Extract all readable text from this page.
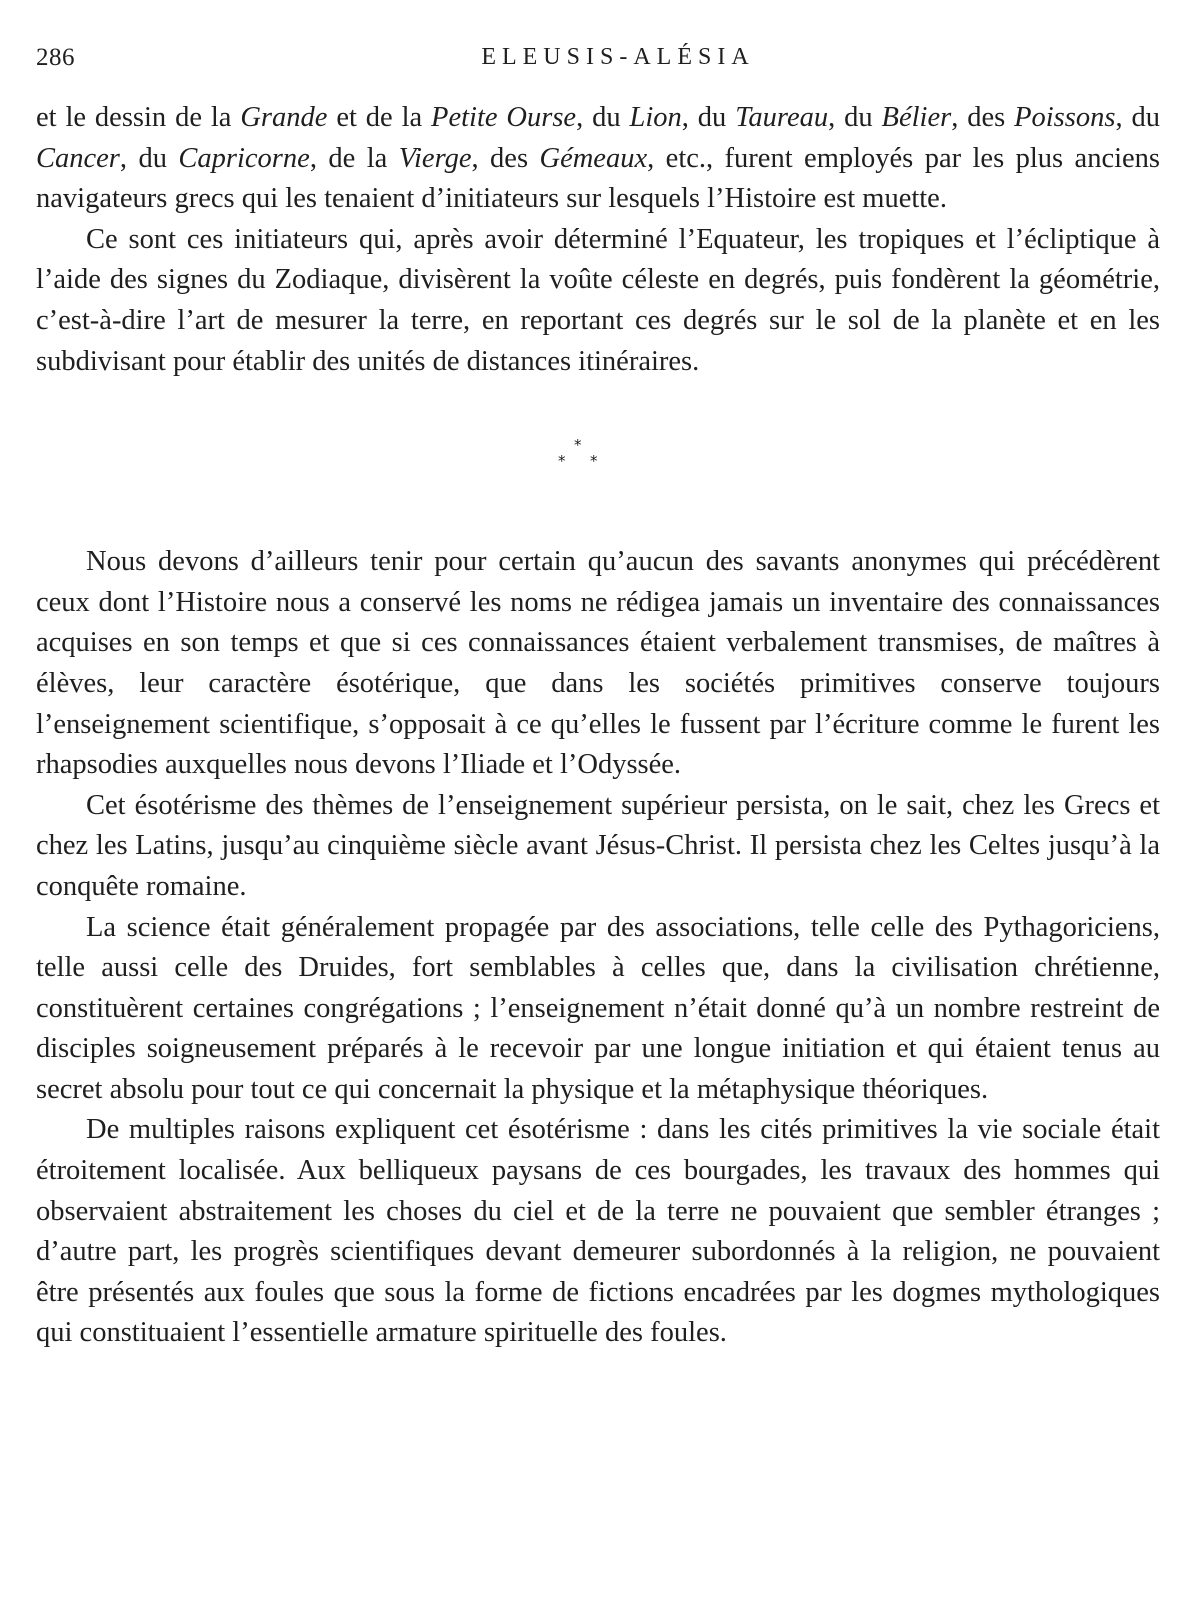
286	ELEUSIS-ALÉSIA

et le dessin de la Grande et de la Petite Ourse, du Lion, du Taureau, du Bélier, des Poissons, du Cancer, du Capricorne, de la Vierge, des Gémeaux, etc., furent employés par les plus anciens navigateurs grecs qui les tenaient d’initiateurs sur lesquels l’Histoire est muette.

Ce sont ces initiateurs qui, après avoir déterminé l’Equateur, les tropiques et l’écliptique à l’aide des signes du Zodiaque, divisèrent la voûte céleste en degrés, puis fondèrent la géométrie, c’est-à-dire l’art de mesurer la terre, en reportant ces degrés sur le sol de la planète et en les subdivisant pour établir des unités de distances itinéraires.

*
* *

Nous devons d’ailleurs tenir pour certain qu’aucun des savants anonymes qui précédèrent ceux dont l’Histoire nous a conservé les noms ne rédigea jamais un inventaire des connaissances acquises en son temps et que si ces connaissances étaient verbalement transmises, de maîtres à élèves, leur caractère ésotérique, que dans les sociétés primitives conserve toujours l’enseignement scientifique, s’opposait à ce qu’elles le fussent par l’écriture comme le furent les rhapsodies auxquelles nous devons l’Iliade et l’Odyssée.

Cet ésotérisme des thèmes de l’enseignement supérieur persista, on le sait, chez les Grecs et chez les Latins, jusqu’au cinquième siècle avant Jésus-Christ. Il persista chez les Celtes jusqu’à la conquête romaine.

La science était généralement propagée par des associations, telle celle des Pythagoriciens, telle aussi celle des Druides, fort semblables à celles que, dans la civilisation chrétienne, constituèrent certaines congrégations ; l’enseignement n’était donné qu’à un nombre restreint de disciples soigneusement préparés à le recevoir par une longue initiation et qui étaient tenus au secret absolu pour tout ce qui concernait la physique et la métaphysique théoriques.

De multiples raisons expliquent cet ésotérisme : dans les cités primitives la vie sociale était étroitement localisée. Aux belliqueux paysans de ces bourgades, les travaux des hommes qui observaient abstraitement les choses du ciel et de la terre ne pouvaient que sembler étranges ; d’autre part, les progrès scientifiques devant demeurer subordonnés à la religion, ne pouvaient être présentés aux foules que sous la forme de fictions encadrées par les dogmes mythologiques qui constituaient l’essentielle armature spirituelle des foules.
